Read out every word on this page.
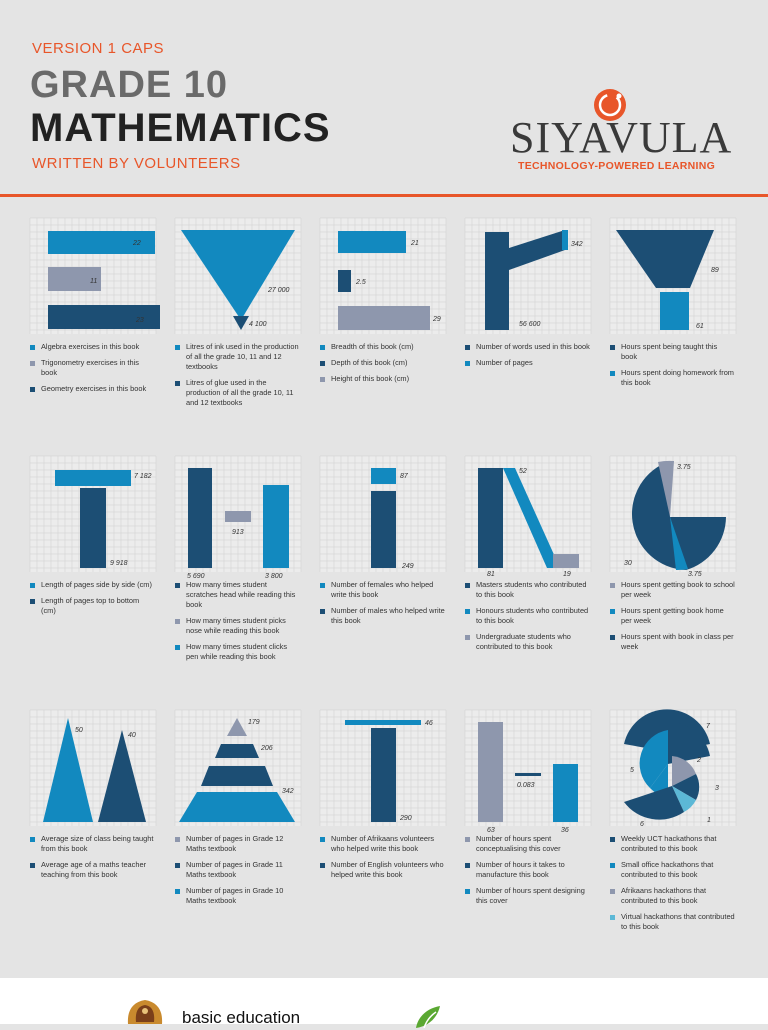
VERSION 1 CAPS
GRADE 10
MATHEMATICS
WRITTEN BY VOLUNTEERS
SIYAVULA
TECHNOLOGY-POWERED LEARNING
22
11
23
Algebra exercises in this book
Trigonometry exercises in this book
Geometry exercises in this book
27 000
4 100
Litres of ink used in the production of all the grade 10, 11 and 12 textbooks
Litres of glue used in the production of all the grade 10, 11 and 12 textbooks
21
2.5
29
Breadth of this book (cm)
Depth of this book (cm)
Height of this book (cm)
342
56 600
Number of words used in this book
Number of pages
89
61
Hours spent being taught this book
Hours spent doing homework from this book
7 182
9 918
Length of pages side by side (cm)
Length of pages top to bottom (cm)
913
5 690	3 800
How many times student scratches head while reading this book
How many times student picks nose while reading this book
How many times student clicks pen while reading this book
87
249
Number of females who helped write this book
Number of males who helped write this book
52
81	19
Masters students who contributed to this book
Honours students who contributed to this book
Undergraduate students who contributed to this book
3.75
30
3.75
Hours spent getting book to school per week
Hours spent getting book home per week
Hours spent with book in class per week
50
40
Average size of class being taught from this book
Average age of a maths teacher teaching from this book
179
206
342
Number of pages in Grade 12 Maths textbook
Number of pages in Grade 11 Maths textbook
Number of pages in Grade 10 Maths textbook
46
290
Number of Afrikaans volunteers who helped write this book
Number of English volunteers who helped write this book
0.083
63	36
Number of hours spent conceptualising this cover
Number of hours it takes to manufacture this book
Number of hours spent designing this cover
7
2
5
3
6
1
Weekly UCT hackathons that contributed to this book
Small office hackathons that contributed to this book
Afrikaans hackathons that contributed to this book
Virtual hackathons that contributed to this book
basic education
